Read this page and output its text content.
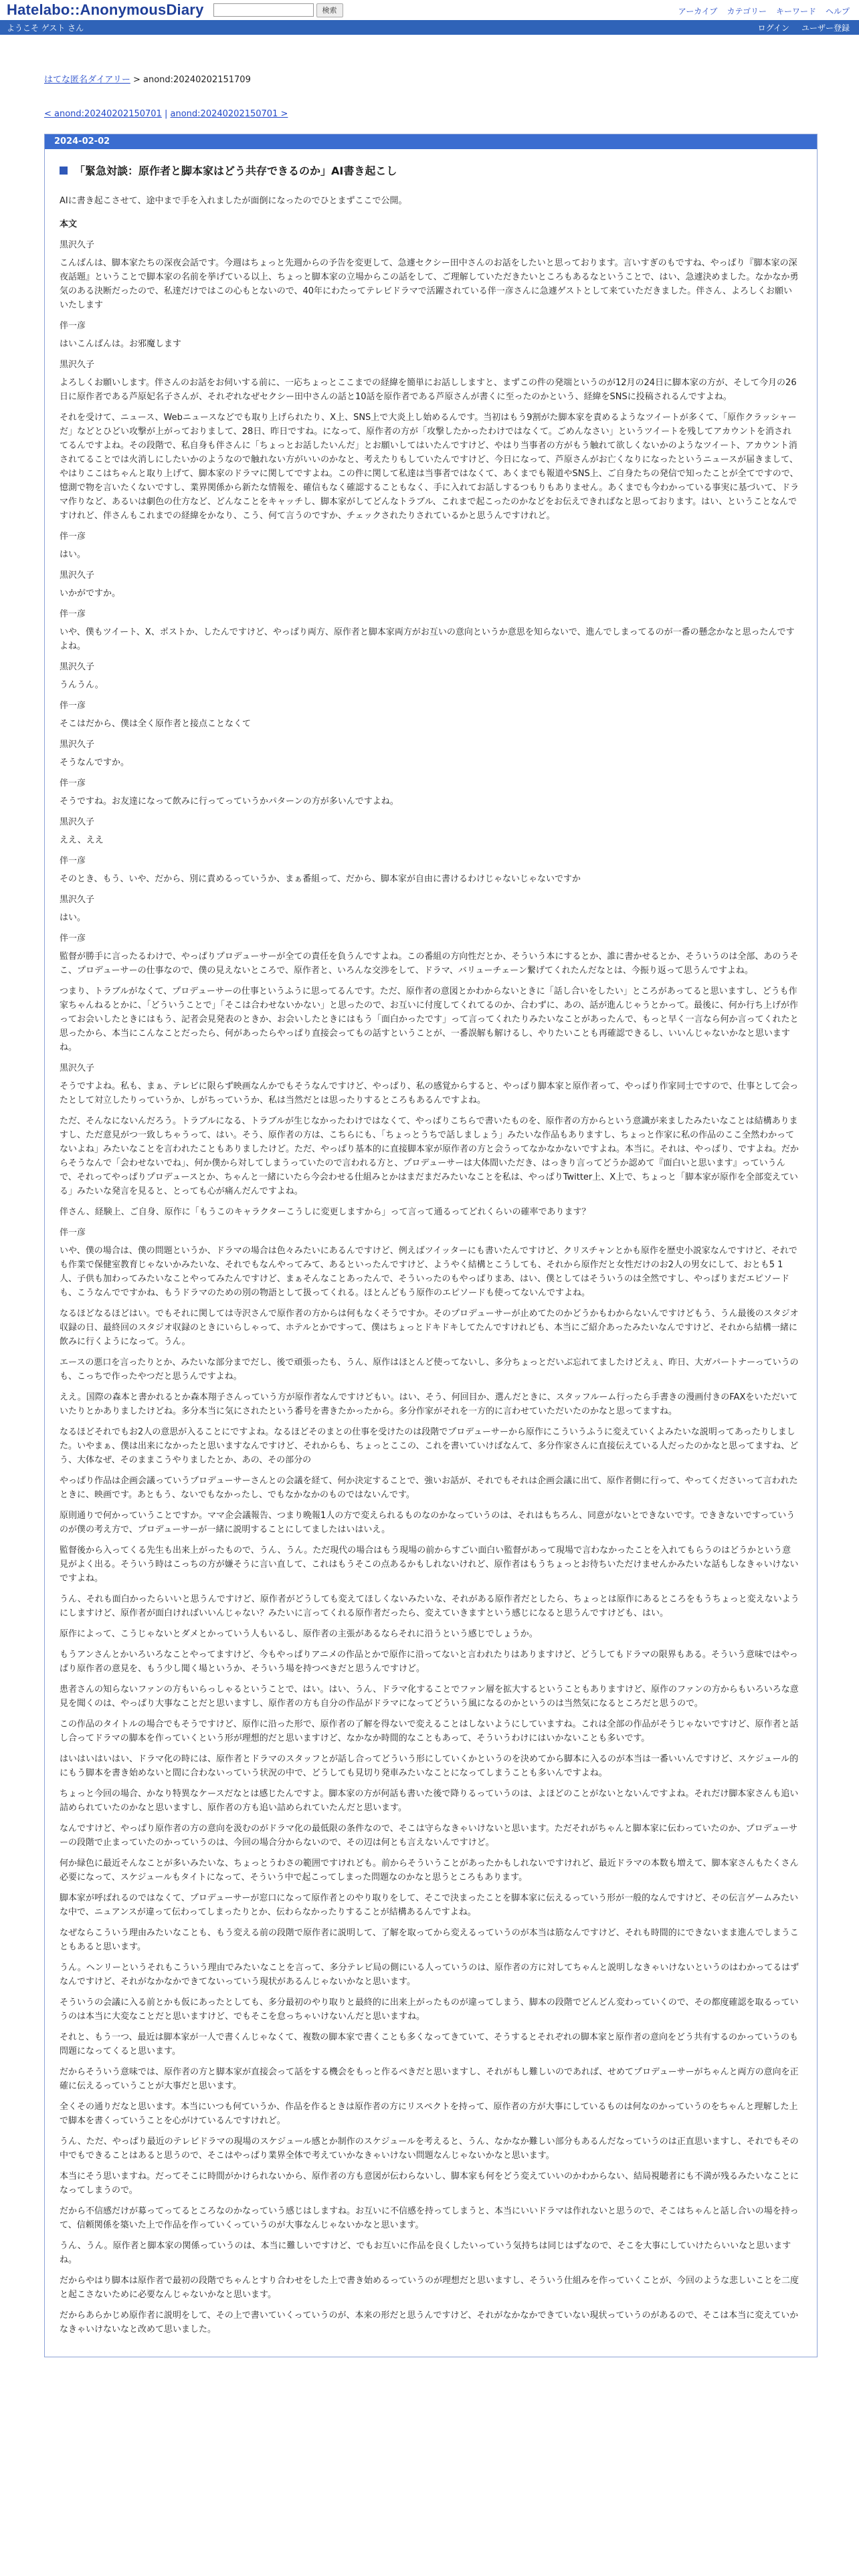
Hatelabo::AnonymousDiary	検索	アーカイブ カテゴリー キーワード ヘルプ
ようこそ ゲスト さん	ログイン ユーザー登録
はてな匿名ダイアリー > anond:20240202151709
< anond:20240202150701 | anond:20240202150701 >
2024-02-02
「緊急対談：原作者と脚本家はどう共存できるのか」AI書き起こし

AIに書き起こさせて、途中まで手を入れましたが面倒になったのでひとまずここで公開。

本文

黒沢久子

こんばんは、脚本家たちの深夜会話です。今週はちょっと先週からの予告を変更して、急遽セクシー田中さんのお話をしたいと思っております。言いすぎのもですね、やっぱり『脚本家の深夜話題』ということで脚本家の名前を挙げている以上、ちょっと脚本家の立場からこの話をして、ご理解していただきたいところもあるなということで、はい、急遽決めました。なかなか勇気のある決断だったので、私達だけではこの心もとないので、40年にわたってテレビドラマで活躍されている伴一彦さんに急遽ゲストとして来ていただきました。伴さん、よろしくお願いいたします

伴一彦

はいこんばんは。お邪魔します

黒沢久子

よろしくお願いします。伴さんのお話をお伺いする前に、一応ちょっとここまでの経緯を簡単にお話ししますと、まずこの件の発端というのが12月の24日に脚本家の方が、そして今月の26日に原作者である芦原妃名子さんが、それぞれなぜセクシー田中さんの話と10話を原作者である芦原さんが書くに至ったのかという、経緯をSNSに投稿されるんですよね。

それを受けて、ニュース、Webニュースなどでも取り上げられたり、X上、SNS上で大炎上し始めるんです。当初はもう9割がた脚本家を責めるようなツイートが多くて、「原作クラッシャーだ」などとひどい攻撃が上がっておりまして、28日、昨日ですね。になって、原作者の方が「攻撃したかったわけではなくて。ごめんなさい」というツイートを残してアカウントを消されてるんですよね。その段階で、私自身も伴さんに「ちょっとお話したいんだ」とお願いしてはいたんですけど、やはり当事者の方がもう触れて欲しくないかのようなツイート、アカウント消されてることでは火消しにしたいかのようなので触れない方がいいのかなと、考えたりもしていたんですけど、今日になって、芦原さんがお亡くなりになったというニュースが届きまして、やはりここはちゃんと取り上げて、脚本家のドラマに関してですよね。この件に関して私達は当事者ではなくて、あくまでも報道やSNS上、ご自身たちの発信で知ったことが全てですので、憶測で物を言いたくないですし、業界関係から新たな情報を、確信もなく確認することもなく、手に入れてお話しするつもりもありません。あくまでも今わかっている事実に基づいて、ドラマ作りなど、あるいは劇色の仕方など、どんなことをキャッチし、脚本家がしてどんなトラブル、これまで起こったのかなどをお伝えできればなと思っております。はい、ということなんですけれど、伴さんもこれまでの経緯をかなり、こう、何て言うのですか、チェックされたりされているかと思うんですけれど。

伴一彦

はい。

黒沢久子

いかがですか。

伴一彦

いや、僕もツイート、X、ポストか、したんですけど、やっぱり両方、原作者と脚本家両方がお互いの意向というか意思を知らないで、進んでしまってるのが一番の懸念かなと思ったんですよね。

黒沢久子

うんうん。

伴一彦

そこはだから、僕は全く原作者と接点ことなくて

黒沢久子

そうなんですか。

伴一彦

そうですね。お友達になって飲みに行ってっていうかパターンの方が多いんですよね。

黒沢久子

ええ、ええ

伴一彦

そのとき、もう、いや、だから、別に責めるっていうか、まぁ番組って、だから、脚本家が自由に書けるわけじゃないじゃないですか

黒沢久子

はい。

伴一彦

監督が勝手に言ったるわけで、やっぱりプロデューサーが全ての責任を負うんですよね。この番組の方向性だとか、そういう本にするとか、誰に書かせるとか、そういうのは全部、あのうそこ、プロデューサーの仕事なので、僕の見えないところで、原作者と、いろんな交渉をして、ドラマ、バリューチェーン繋げてくれたんだなとは、今振り返って思うんですよね。

つまり、トラブルがなくて、プロデューサーの仕事というふうに思ってるんです。ただ、原作者の意図とかわからないときに「話し合いをしたい」ところがあってると思いますし、どうも作家ちゃんねるとかに、「どういうことで」「そこは合わせないかない」と思ったので、お互いに付度してくれてるのか、合わずに、あの、話が進んじゃうとかって。最後に、何か行ち上げが作ってお会いしたときにはもう、記者会見発表のときか、お会いしたときにはもう「面白かったです」って言ってくれたりみたいなことがあったんで、もっと早く一言なら何か言ってくれたと思ったから、本当にこんなことだったら、何があったらやっぱり直接会ってもの話すということが、一番誤解も解けるし、やりたいことも再確認できるし、いいんじゃないかなと思いますね。

黒沢久子

そうですよね。私も、まぁ、テレビに限らず映画なんかでもそうなんですけど、やっぱり、私の感覚からすると、やっぱり脚本家と原作者って、やっぱり作家同士ですので、仕事として会ったとして対立したりっていうか、しがちっていうか、私は当然だとは思ったりするところもあるんですよね。

ただ、そんなにないんだろう。トラブルになる、トラブルが生じなかったわけではなくて、やっぱりこちらで書いたものを、原作者の方からという意識が来ましたみたいなことは結構ありますし、ただ意見がつ一致しちゃうって、はい。そう、原作者の方は、こちらにも、「ちょっとうちで話しましょう」みたいな作品もありますし、ちょっと作家に私の作品のここ全然わかってないよね」みたいなことを言われたこともありましたけど。ただ、やっぱり基本的に直接脚本家が原作者の方と会うってなかなかないですよね。本当に。それは、やっぱり、ですよね。だからそうなんで「会わせないでね」、何か僕から対してしまうっていたので言われる方と、プロデューサーは大体間いただき、はっきり言ってどうか認めて『面白いと思います』っていうんで、それってやっぱりプロデュースとか、ちゃんと一緒にいたら今会わせる仕組みとかはまだまだみたいなことを私は、やっぱりTwitter上、X上で、ちょっと「脚本家が原作を全部変えている」みたいな発言を見ると、とっても心が痛んだんですよね。

伴さん、経験上、ご自身、原作に「もうこのキャラクターこうしに変更しますから」って言って通るってどれくらいの確率であります？

伴一彦

いや、僕の場合は、僕の問題というか、ドラマの場合は色々みたいにあるんですけど、例えばツイッターにも書いたんですけど、クリスチャンとかも原作を歴史小説家なんですけど、それでも作業で保健室教育じゃないかみたいな、それでもなんやってみて、あるといったんですけど、ようやく結構とこうしても、それから原作だと女性だけのお2人の男女にして、おとも5 1人、子供も加わってみたいなことやってみたんですけど、まぁそんなことあったんで、そういったのもやっぱりまあ、はい、僕としてはそういうのは全然ですし、やっぱりまだエピソードも、こうなんでですかね、もうドラマのための別の物語として扱ってくれる。ほとんどもう原作のエピソードも使ってないんですよね。

なるほどなるほどはい。でもそれに関しては寺沢さんで原作者の方からは何もなくそうですか。そのプロデューサーが止めてたのかどうかもわからないんですけどもう、うん最後のスタジオ収録の日、最終回のスタジオ収録のときにいらしゃって、ホテルとかですって、僕はちょっとドキドキしてたんですけれども、本当にご紹介あったみたいなんですけど、それから結構一緒に飲みに行くようになって。うん。

エースの悪口を言ったりとか、みたいな部分までだし、後で頑張ったも、うん、原作はほとんど使ってないし、多分ちょっとだいぶ忘れてましたけどえぇ、昨日、大ガパートナーっていうのも、こっちで作ったやつだと思うんですよね。

ええ。国際の森本と書かれるとか森本翔子さんっていう方が原作者なんですけどもい。はい、そう、何回目か、選んだときに、スタッフルーム行ったら手書きの漫画付きのFAXをいただいていたりとかありましたけどね。多分本当に気にされたという番号を書きたかったから。多分作家がそれを一方的に言わせていただいたのかなと思ってますね。

なるほどそれでもお2人の意思が入ることにですよね。なるほどそのまとの仕事を受けたのは段階でプロデューサーから原作にこういうふうに変えていくよみたいな説明ってあったりしました。いやまぁ、僕は出来になかったと思いますなんですけど、それからも、ちょっとここの、これを書いていけばなんて、多分作家さんに直接伝えている人だったのかなと思ってますね、どう、大体なぜ、そのままこうやりましたとか、あの、その部分の

やっぱり作品は企画会議っていうプロデューサーさんとの会議を経て、何か決定することで、強いお話が、それでもそれは企画会議に出て、原作者側に行って、やってくださいって言われたときに、映画です。あともう、ないでもなかったし、でもなかなかのものではないんです。

原則通りで何かっていうことですか。ママ企会議報告、つまり晩報1人の方で変えられるものなのかなっていうのは、それはもちろん、同意がないとできないです。でききないですっていうのが僕の考え方で、プロデューサーが一緒に説明することにしてましたはいはいえ。

監督後から入ってくる先生も出来上がったもので、うん、うん。ただ現代の場合はもう現場の前からすごい面白い監督があって現場で言わなかったことを入れてもらうのはどうかという意見がよく出る。そういう時はこっちの方が嫌そうに言い直して、これはもうそこの点あるかもしれないけれど、原作者はもうちょっとお待ちいただけませんかみたいな話もしなきゃいけないですよね。

うん、それも面白かったらいいと思うんですけど、原作者がどうしても変えてほしくないみたいな、それがある原作者だとしたら、ちょっとは原作にあるところをもうちょっと変えないようにしますけど、原作者が面白ければいいんじゃない？みたいに言ってくれる原作者だったら、変えていきますという感じになると思うんですけども、はい。

原作によって、こうじゃないとダメとかっていう人もいるし、原作者の主張があるならそれに沿うという感じでしょうか。

もうアンさんとかいろいろなことやってますけど、今もやっぱりアニメの作品とかで原作に沿ってないと言われたりはありますけど、どうしてもドラマの限界もある。そういう意味ではやっぱり原作者の意見を、もう少し聞く場というか、そういう場を持つべきだと思うんですけど。

患者さんの知らないファンの方もいらっしゃるということで、はい。はい、うん、ドラマ化することでファン層を拡大するということもありますけど、原作のファンの方からもいろいろな意見を聞くのは、やっぱり大事なことだと思いますし、原作者の方も自分の作品がドラマになってどういう風になるのかというのは当然気になるところだと思うので。

この作品のタイトルの場合でもそうですけど、原作に沿った形で、原作者の了解を得ないで変えることはしないようにしていますね。これは全部の作品がそうじゃないですけど、原作者と話し合ってドラマの脚本を作っていくという形が理想的だと思いますけど、なかなか時間的なこともあって、そういうわけにはいかないことも多いです。

はいはいはいはい、ドラマ化の時には、原作者とドラマのスタッフとが話し合ってどういう形にしていくかというのを決めてから脚本に入るのが本当は一番いいんですけど、スケジュール的にもう脚本を書き始めないと間に合わないっていう状況の中で、どうしても見切り発車みたいなことになってしまうことも多いんですよね。

ちょっと今回の場合、かなり特異なケースだなとは感じたんですよ。脚本家の方が何話も書いた後で降りるっていうのは、よほどのことがないとないんですよね。それだけ脚本家さんも追い詰められていたのかなと思いますし、原作者の方も追い詰められていたんだと思います。

なんですけど、やっぱり原作者の方の意向を汲むのがドラマ化の最低限の条件なので、そこは守らなきゃいけないと思います。ただそれがちゃんと脚本家に伝わっていたのか、プロデューサーの段階で止まっていたのかっていうのは、今回の場合分からないので、その辺は何とも言えないんですけど。

何か緑色に最近そんなことが多いみたいな、ちょっとうわさの範囲ですけれども。前からそういうことがあったかもしれないですけれど、最近ドラマの本数も増えて、脚本家さんもたくさん必要になって、スケジュールもタイトになって、そういう中で起こってしまった問題なのかなと思うところもあります。

脚本家が呼ばれるのではなくて、プロデューサーが窓口になって原作者とのやり取りをして、そこで決まったことを脚本家に伝えるっていう形が一般的なんですけど、その伝言ゲームみたいな中で、ニュアンスが違って伝わってしまったりとか、伝わらなかったりすることが結構あるんですよね。

なぜならこういう理由みたいなことも、もう変える前の段階で原作者に説明して、了解を取ってから変えるっていうのが本当は筋なんですけど、それも時間的にできないまま進んでしまうこともあると思います。

うん。ヘンリーというそれもこういう理由でみたいなことを言って、多分テレビ局の側にいる人っていうのは、原作者の方に対してちゃんと説明しなきゃいけないというのはわかってるはずなんですけど、それがなかなかできてないっていう現状があるんじゃないかなと思います。

そういうの会議に入る前とかも仮にあったとしても、多分最初のやり取りと最終的に出来上がったものが違ってしまう、脚本の段階でどんどん変わっていくので、その都度確認を取るっていうのは本当に大変なことだと思いますけど、でもそこを怠っちゃいけないんだと思いますね。

それと、もう一つ、最近は脚本家が一人で書くんじゃなくて、複数の脚本家で書くことも多くなってきていて、そうするとそれぞれの脚本家と原作者の意向をどう共有するのかっていうのも問題になってくると思います。

だからそういう意味では、原作者の方と脚本家が直接会って話をする機会をもっと作るべきだと思いますし、それがもし難しいのであれば、せめてプロデューサーがちゃんと両方の意向を正確に伝えるっていうことが大事だと思います。

全くその通りだなと思います。本当にいつも何ていうか、作品を作るときは原作者の方にリスペクトを持って、原作者の方が大事にしているものは何なのかっていうのをちゃんと理解した上で脚本を書くっていうことを心がけているんですけれど。

うん、ただ、やっぱり最近のテレビドラマの現場のスケジュール感とか制作のスケジュールを考えると、うん、なかなか難しい部分もあるんだなっていうのは正直思いますし、それでもその中でもできることはあると思うので、そこはやっぱり業界全体で考えていかなきゃいけない問題なんじゃないかなと思います。

本当にそう思いますね。だってそこに時間がかけられないから、原作者の方も意図が伝わらないし、脚本家も何をどう変えていいのかわからない、結局視聴者にも不満が残るみたいなことになってしまうので。

だから不信感だけが募ってってるところなのかなっていう感じはしますね。お互いに不信感を持ってしまうと、本当にいいドラマは作れないと思うので、そこはちゃんと話し合いの場を持って、信頼関係を築いた上で作品を作っていくっていうのが大事なんじゃないかなと思います。

うん、うん。原作者と脚本家の関係っていうのは、本当に難しいですけど、でもお互いに作品を良くしたいっていう気持ちは同じはずなので、そこを大事にしていけたらいいなと思いますね。

だからやはり脚本は原作者で最初の段階でちゃんとすり合わせをした上で書き始めるっていうのが理想だと思いますし、そういう仕組みを作っていくことが、今回のような悲しいことを二度と起こさないために必要なんじゃないかなと思います。

だからあらかじめ原作者に説明をして、その上で書いていくっていうのが、本来の形だと思うんですけど、それがなかなかできていない現状っていうのがあるので、そこは本当に変えていかなきゃいけないなと改めて思いました。
